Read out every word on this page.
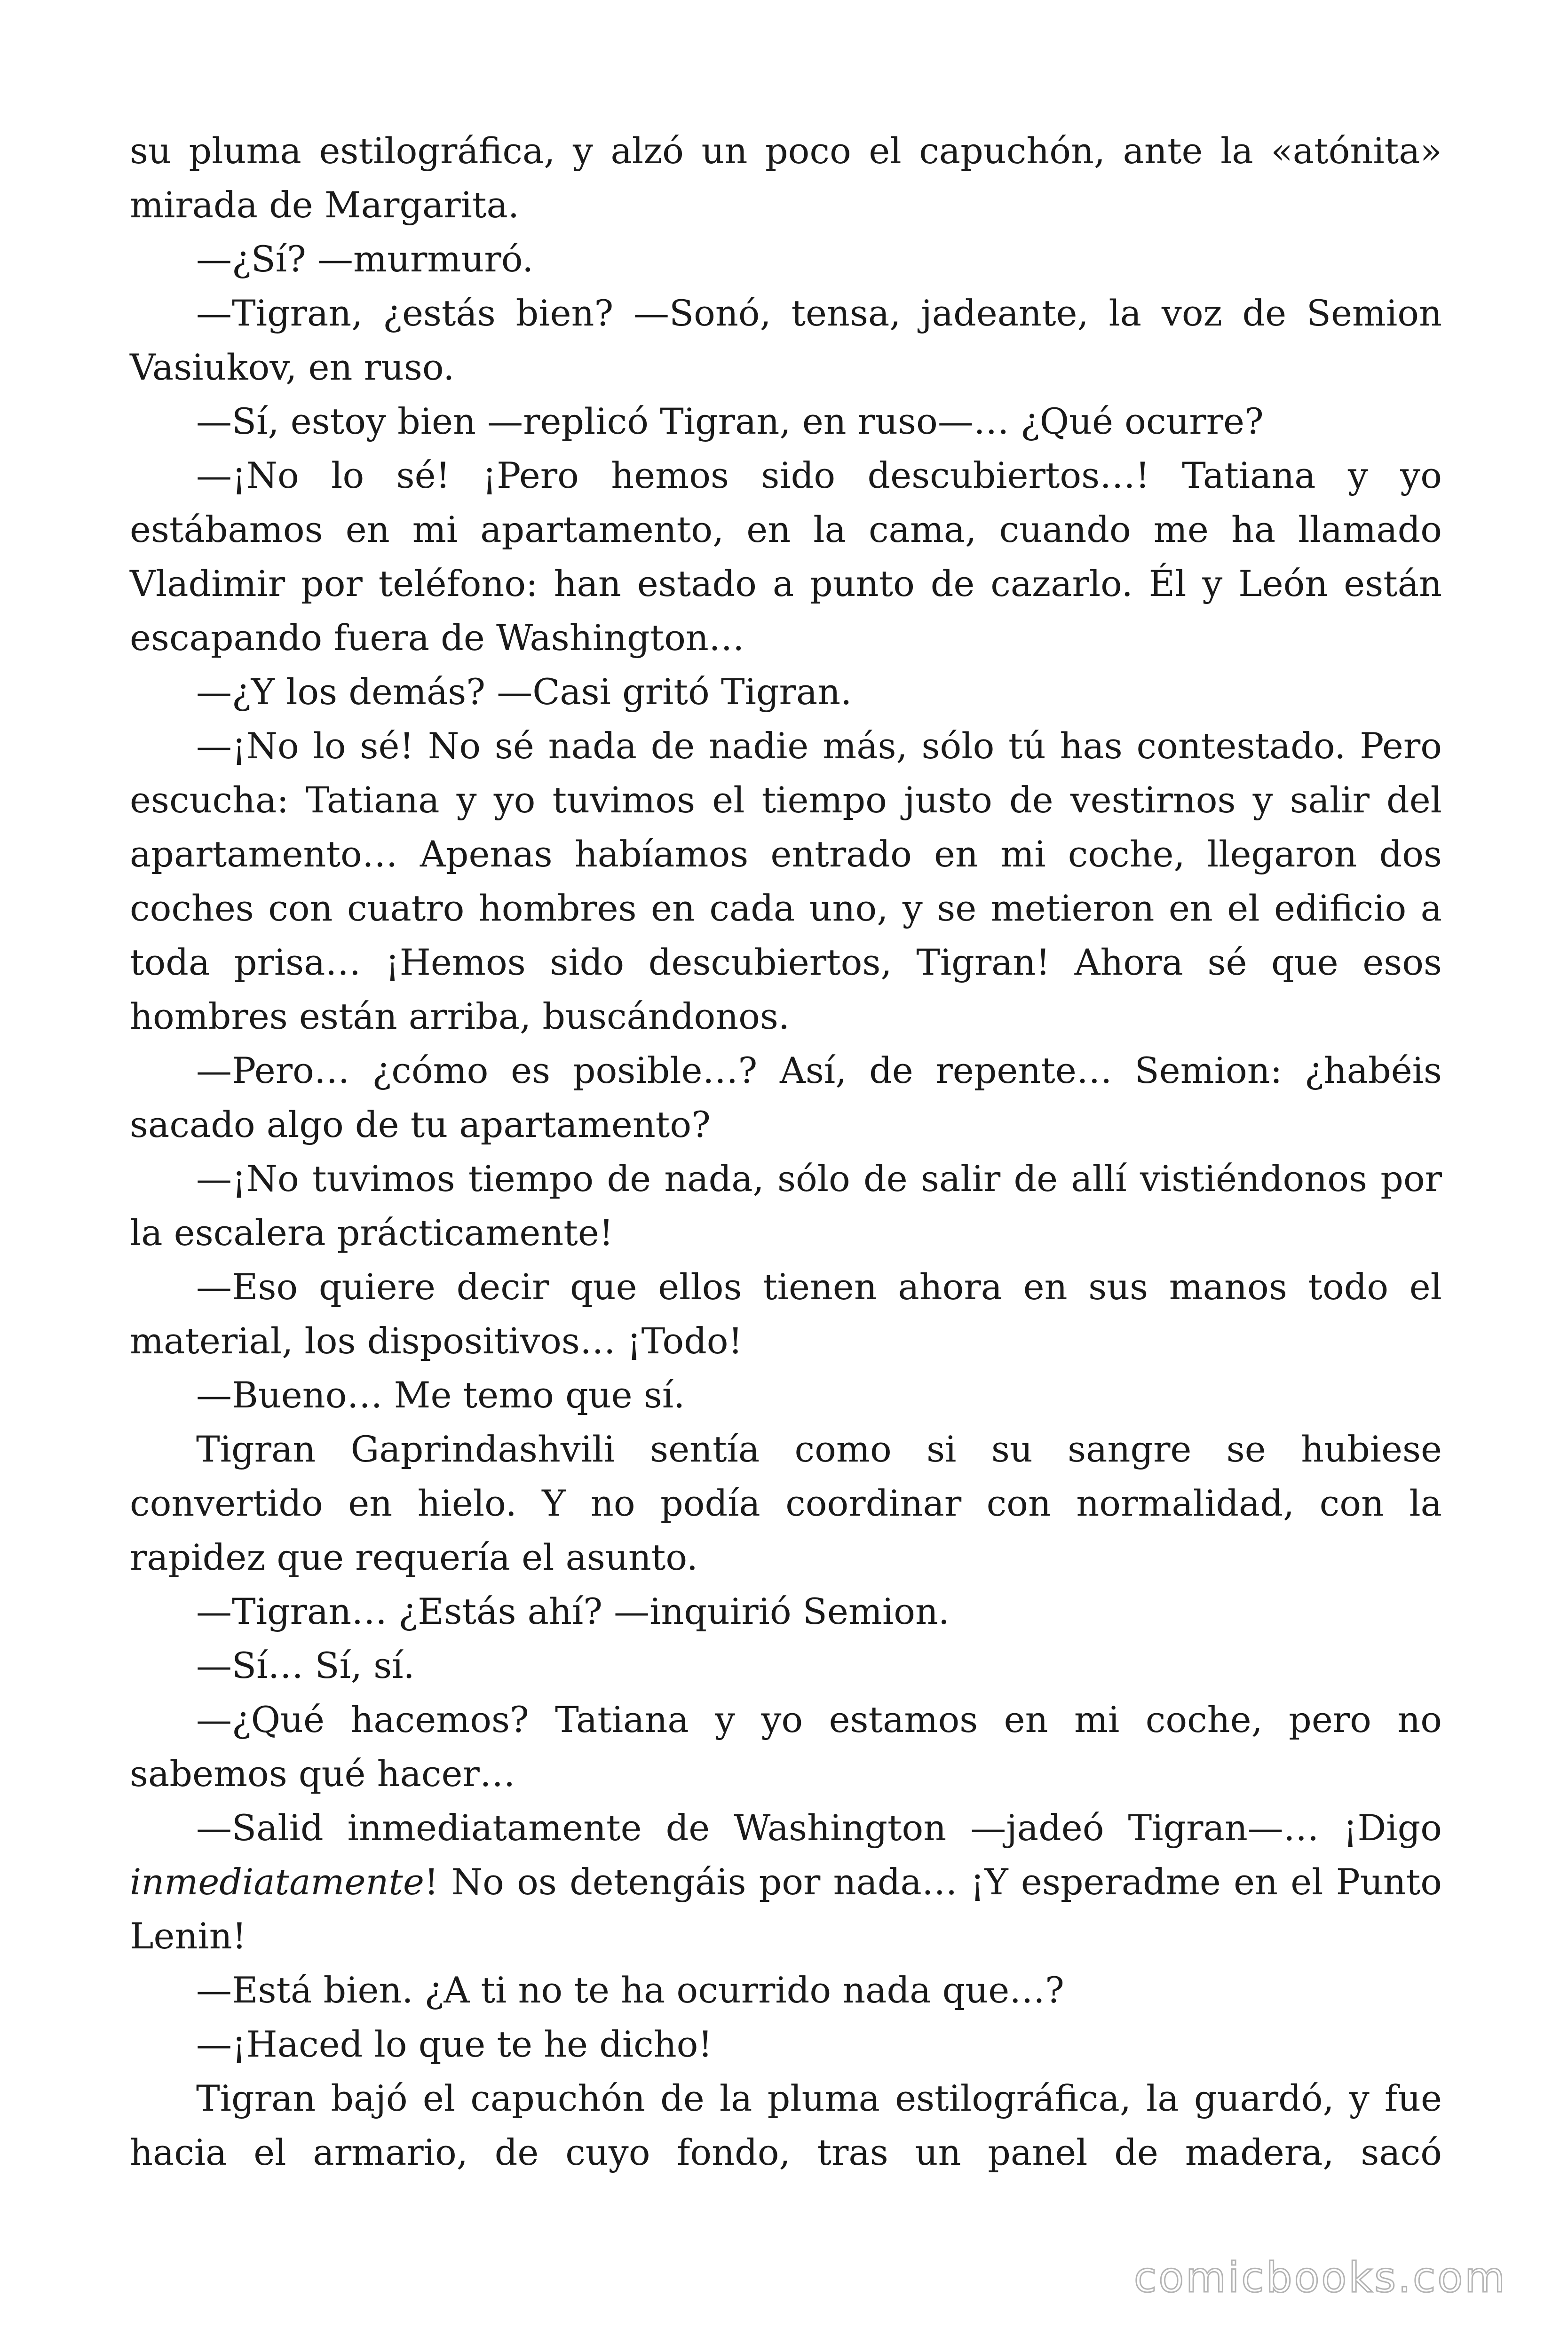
su pluma estilográfica, y alzó un poco el capuchón, ante la «atónita» mirada de Margarita.

—¿Sí? —murmuró.

—Tigran, ¿estás bien? —Sonó, tensa, jadeante, la voz de Semion Vasiukov, en ruso.

—Sí, estoy bien —replicó Tigran, en ruso—… ¿Qué ocurre?

—¡No lo sé! ¡Pero hemos sido descubiertos…! Tatiana y yo estábamos en mi apartamento, en la cama, cuando me ha llamado Vladimir por teléfono: han estado a punto de cazarlo. Él y León están escapando fuera de Washington…

—¿Y los demás? —Casi gritó Tigran.

—¡No lo sé! No sé nada de nadie más, sólo tú has contestado. Pero escucha: Tatiana y yo tuvimos el tiempo justo de vestirnos y salir del apartamento… Apenas habíamos entrado en mi coche, llegaron dos coches con cuatro hombres en cada uno, y se metieron en el edificio a toda prisa… ¡Hemos sido descubiertos, Tigran! Ahora sé que esos hombres están arriba, buscándonos.

—Pero… ¿cómo es posible…? Así, de repente… Semion: ¿habéis sacado algo de tu apartamento?

—¡No tuvimos tiempo de nada, sólo de salir de allí vistiéndonos por la escalera prácticamente!

—Eso quiere decir que ellos tienen ahora en sus manos todo el material, los dispositivos… ¡Todo!

—Bueno… Me temo que sí.

Tigran Gaprindashvili sentía como si su sangre se hubiese convertido en hielo. Y no podía coordinar con normalidad, con la rapidez que requería el asunto.

—Tigran… ¿Estás ahí? —inquirió Semion.

—Sí… Sí, sí.

—¿Qué hacemos? Tatiana y yo estamos en mi coche, pero no sabemos qué hacer…

—Salid inmediatamente de Washington —jadeó Tigran—… ¡Digo inmediatamente! No os detengáis por nada… ¡Y esperadme en el Punto Lenin!

—Está bien. ¿A ti no te ha ocurrido nada que…?

—¡Haced lo que te he dicho!

Tigran bajó el capuchón de la pluma estilográfica, la guardó, y fue hacia el armario, de cuyo fondo, tras un panel de madera, sacó

comicbooks.com
